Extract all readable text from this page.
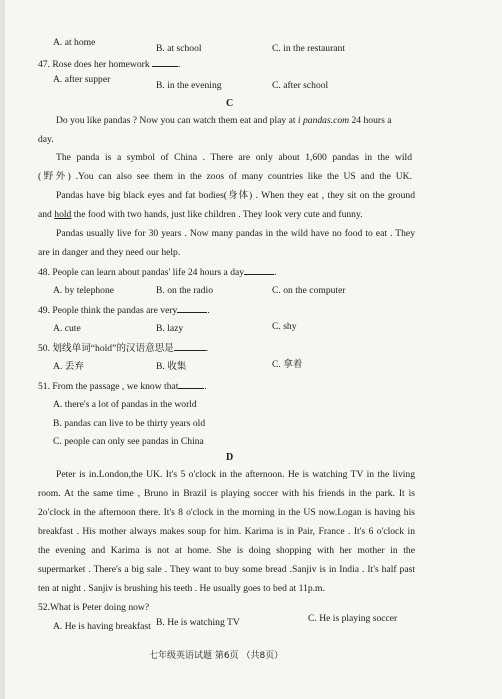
A. at home
B. at school	C. in the restaurant
47. Rose does her homework	.
A. after supper
B. in the evening	C. after school
C
Do you like pandas ? Now you can watch them eat and play at i pandas.com 24 hours a
day.
The panda is a symbol of China . There are only about 1,600 pandas in the wild
(野外) .You can also see them in the zoos of many countries like the US and the UK.
Pandas have big black eyes and fat bodies(身体) . When they eat , they sit on the ground
and hold the food with two hands, just like children . They look very cute and funny.
Pandas usually live for 30 years . Now many pandas in the wild have no food to eat . They
are in danger and they need our help.
48. People can learn about pandas' life 24 hours a day	.
A. by telephone	B. on the radio	C. on the computer
49. People think the pandas are very	.
A. cute	B. lazy	C. shy
50. 划线单词“hold”的汉语意思是	.
A. 丢弃	B. 收集	C. 拿着
51. From the passage , we know that	.
A. there's a lot of pandas in the world
B. pandas can live to be thirty years old
C. people can only see pandas in China
D
Peter is in.London,the UK. It's 5 o'clock in the afternoon. He is watching TV in the living
room. At the same time , Bruno in Brazil is playing soccer with his friends in the park. It is
2o'clock in the afternoon there. It's 8 o'clock in the morning in the US now.Logan is having his
breakfast . His mother always makes soup for him. Karima is in Pair, France . It's 6 o'clock in
the evening and Karima is not at home. She is doing shopping with her mother in the
supermarket . There's a big sale . They want to buy some bread .Sanjiv is in India . It's half past
ten at night . Sanjiv is brushing his teeth . He usually goes to bed at 11p.m.
52.What is Peter doing now?
A. He is having breakfast B. He is watching TV	C. He is playing soccer
七年级英语试题 第6页 （共8页）
